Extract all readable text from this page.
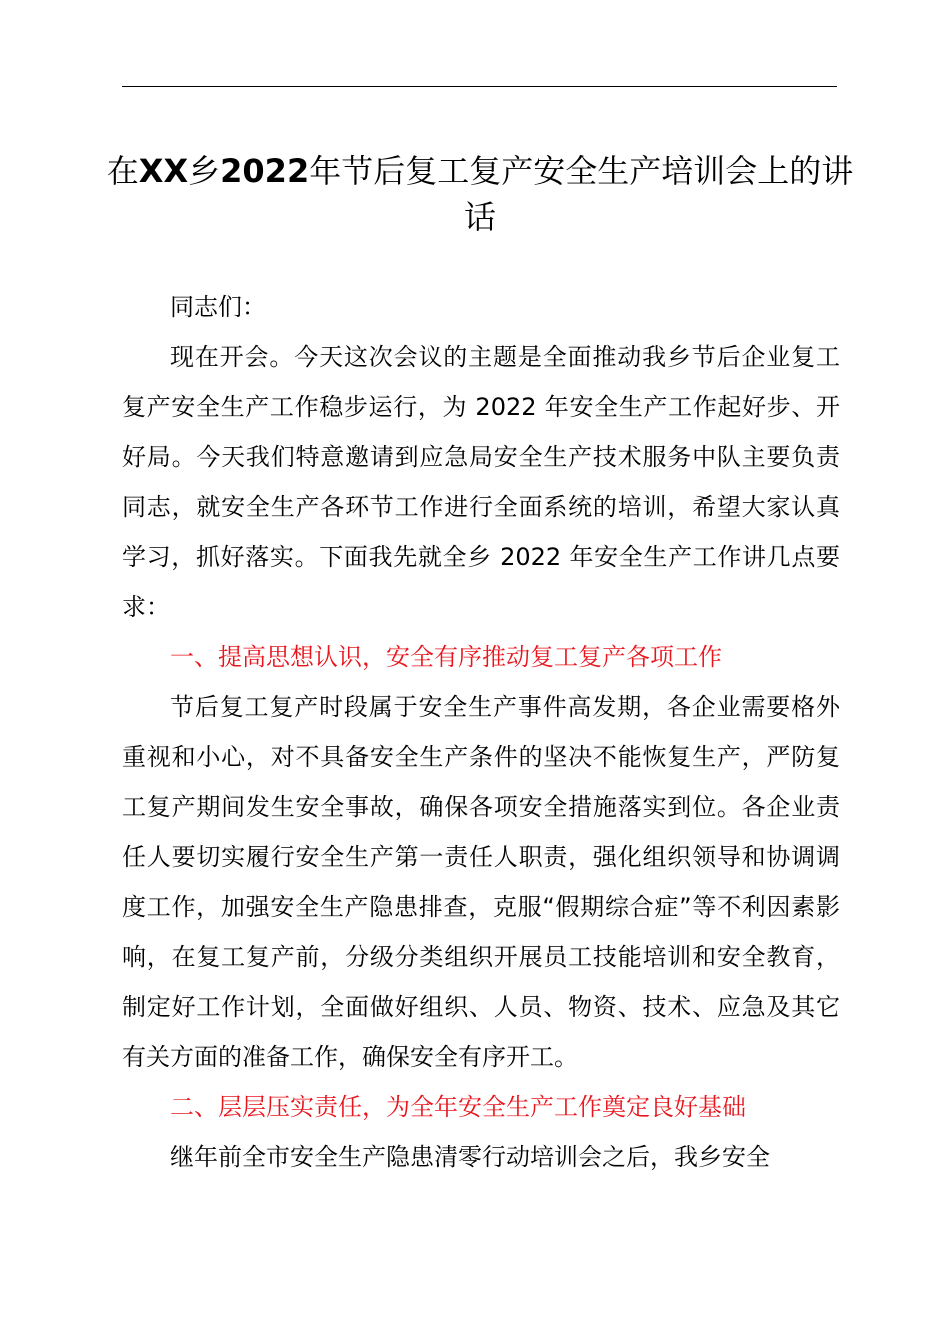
在XX乡2022年节后复工复产安全生产培训会上的讲话

同志们：

现在开会。今天这次会议的主题是全面推动我乡节后企业复工复产安全生产工作稳步运行，为 2022 年安全生产工作起好步、开好局。今天我们特意邀请到应急局安全生产技术服务中队主要负责同志，就安全生产各环节工作进行全面系统的培训，希望大家认真学习，抓好落实。下面我先就全乡 2022 年安全生产工作讲几点要求：

一、提高思想认识，安全有序推动复工复产各项工作

节后复工复产时段属于安全生产事件高发期，各企业需要格外重视和小心，对不具备安全生产条件的坚决不能恢复生产，严防复工复产期间发生安全事故，确保各项安全措施落实到位。各企业责任人要切实履行安全生产第一责任人职责，强化组织领导和协调调度工作，加强安全生产隐患排查，克服“假期综合症”等不利因素影响，在复工复产前，分级分类组织开展员工技能培训和安全教育，制定好工作计划，全面做好组织、人员、物资、技术、应急及其它有关方面的准备工作，确保安全有序开工。

二、层层压实责任，为全年安全生产工作奠定良好基础

继年前全市安全生产隐患清零行动培训会之后，我乡安全
